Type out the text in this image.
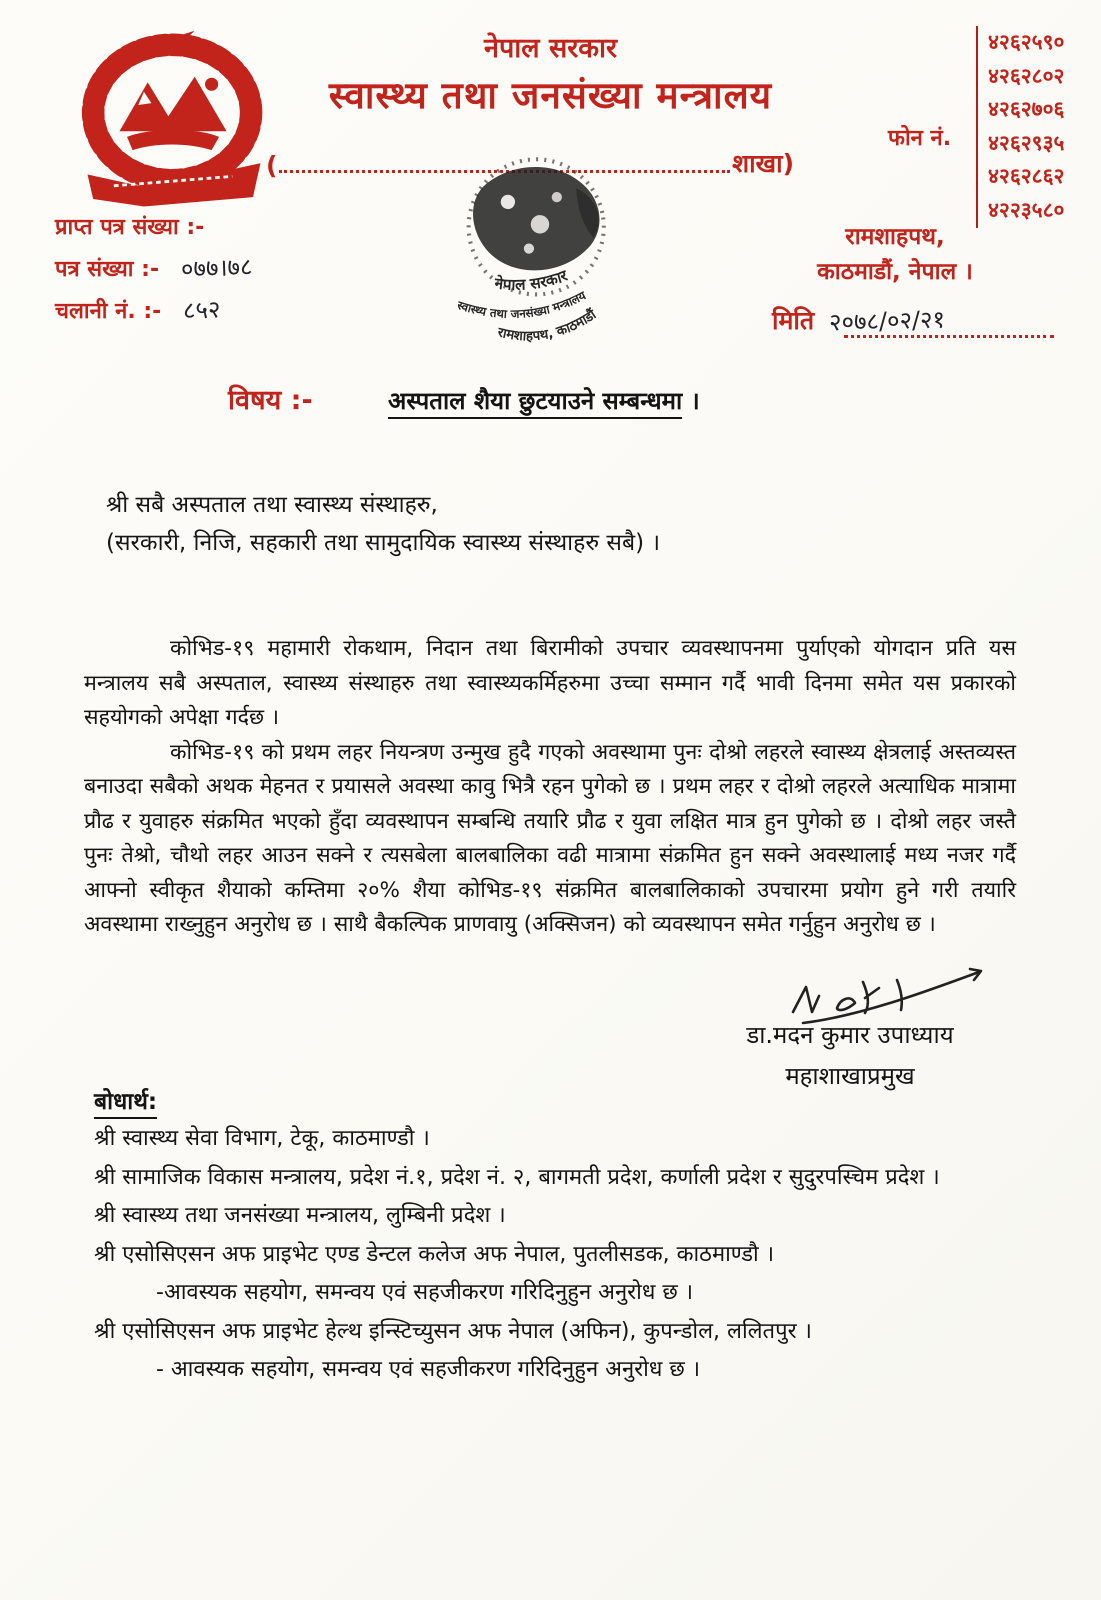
नेपाल सरकार
स्वास्थ्य तथा जनसंख्या मन्त्रालय
(	शाखा)
फोन नं.
४२६२५९०
४२६२८०२
४२६२७०६
४२६२९३५
४२६२८६२
४२२३५८०
प्राप्त पत्र संख्या :-
पत्र संख्या :- ०७७।७८
चलानी नं. :- ८५२
रामशाहपथ,
काठमाडौं, नेपाल ।
मिति २०७८/०२/२१
नेपाल सरकार
स्वास्थ्य तथा जनसंख्या मन्त्रालय
रामशाहपथ, काठमाडौं
विषय :-	अस्पताल शैया छुटयाउने सम्बन्धमा ।
श्री सबै अस्पताल तथा स्वास्थ्य संस्थाहरु,
(सरकारी, निजि, सहकारी तथा सामुदायिक स्वास्थ्य संस्थाहरु सबै) ।

कोभिड-१९ महामारी रोकथाम, निदान तथा बिरामीको उपचार व्यवस्थापनमा पुर्याएको योगदान प्रति यस मन्त्रालय सबै अस्पताल, स्वास्थ्य संस्थाहरु तथा स्वास्थ्यकर्मिहरुमा उच्चा सम्मान गर्दै भावी दिनमा समेत यस प्रकारको सहयोगको अपेक्षा गर्दछ ।

कोभिड-१९ को प्रथम लहर नियन्त्रण उन्मुख हुदै गएको अवस्थामा पुनः दोश्रो लहरले स्वास्थ्य क्षेत्रलाई अस्तव्यस्त बनाउदा सबैको अथक मेहनत र प्रयासले अवस्था कावु भित्रै रहन पुगेको छ । प्रथम लहर र दोश्रो लहरले अत्याधिक मात्रामा प्रौढ र युवाहरु संक्रमित भएको हुँदा व्यवस्थापन सम्बन्धि तयारि प्रौढ र युवा लक्षित मात्र हुन पुगेको छ । दोश्रो लहर जस्तै पुनः तेश्रो, चौथो लहर आउन सक्ने र त्यसबेला बालबालिका वढी मात्रामा संक्रमित हुन सक्ने अवस्थालाई मध्य नजर गर्दै आफ्नो स्वीकृत शैयाको कम्तिमा २०% शैया कोभिड-१९ संक्रमित बालबालिकाको उपचारमा प्रयोग हुने गरी तयारि अवस्थामा राख्नुहुन अनुरोध छ । साथै बैकल्पिक प्राणवायु (अक्सिजन) को व्यवस्थापन समेत गर्नुहुन अनुरोध छ ।

डा.मदन कुमार उपाध्याय
महाशाखाप्रमुख
बोधार्थ:
श्री स्वास्थ्य सेवा विभाग, टेकू, काठमाण्डौ ।
श्री सामाजिक विकास मन्त्रालय, प्रदेश नं.१, प्रदेश नं. २, बागमती प्रदेश, कर्णाली प्रदेश र सुदुरपस्चिम प्रदेश ।
श्री स्वास्थ्य तथा जनसंख्या मन्त्रालय, लुम्बिनी प्रदेश ।
श्री एसोसिएसन अफ प्राइभेट एण्ड डेन्टल कलेज अफ नेपाल, पुतलीसडक, काठमाण्डौ ।
-आवस्यक सहयोग, समन्वय एवं सहजीकरण गरिदिनुहुन अनुरोध छ ।
श्री एसोसिएसन अफ प्राइभेट हेल्थ इन्स्टिच्युसन अफ नेपाल (अफिन), कुपन्डोल, ललितपुर ।
- आवस्यक सहयोग, समन्वय एवं सहजीकरण गरिदिनुहुन अनुरोध छ ।
